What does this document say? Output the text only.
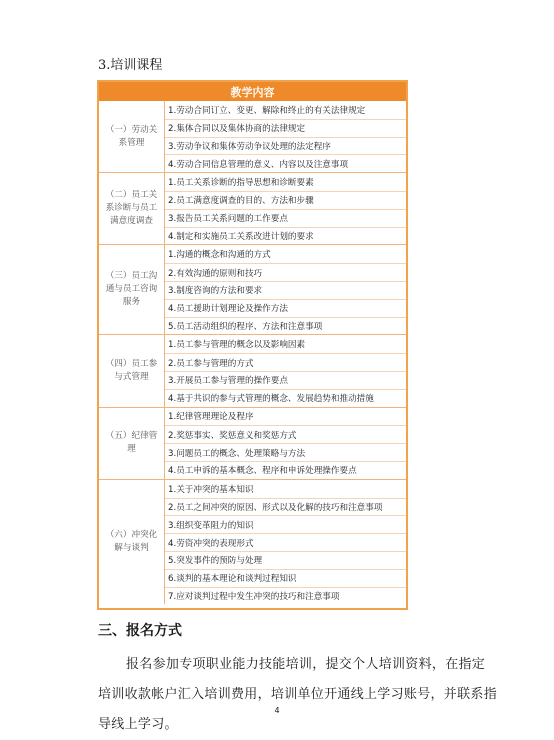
3.培训课程
教学内容
（一）劳动关系管理
1.劳动合同订立、变更、解除和终止的有关法律规定
2.集体合同以及集体协商的法律规定
3.劳动争议和集体劳动争议处理的法定程序
4.劳动合同信息管理的意义、内容以及注意事项
（二）员工关系诊断与员工满意度调查
1.员工关系诊断的指导思想和诊断要素
2.员工满意度调查的目的、方法和步骤
3.报告员工关系问题的工作要点
4.制定和实施员工关系改进计划的要求
（三）员工沟通与员工咨询服务
1.沟通的概念和沟通的方式
2.有效沟通的原则和技巧
3.制度咨询的方法和要求
4.员工援助计划理论及操作方法
5.员工活动组织的程序、方法和注意事项
（四）员工参与式管理
1.员工参与管理的概念以及影响因素
2.员工参与管理的方式
3.开展员工参与管理的操作要点
4.基于共识的参与式管理的概念、发展趋势和推动措施
（五）纪律管理
1.纪律管理理论及程序
2.奖惩事实、奖惩意义和奖惩方式
3.问题员工的概念、处理策略与方法
4.员工申诉的基本概念、程序和申诉处理操作要点
（六）冲突化解与谈判
1.关于冲突的基本知识
2.员工之间冲突的原因、形式以及化解的技巧和注意事项
3.组织变革阻力的知识
4.劳资冲突的表现形式
5.突发事件的预防与处理
6.谈判的基本理论和谈判过程知识
7.应对谈判过程中发生冲突的技巧和注意事项
三、报名方式
报名参加专项职业能力技能培训，提交个人培训资料，在指定培训收款帐户汇入培训费用，培训单位开通线上学习账号，并联系指导线上学习。
4
